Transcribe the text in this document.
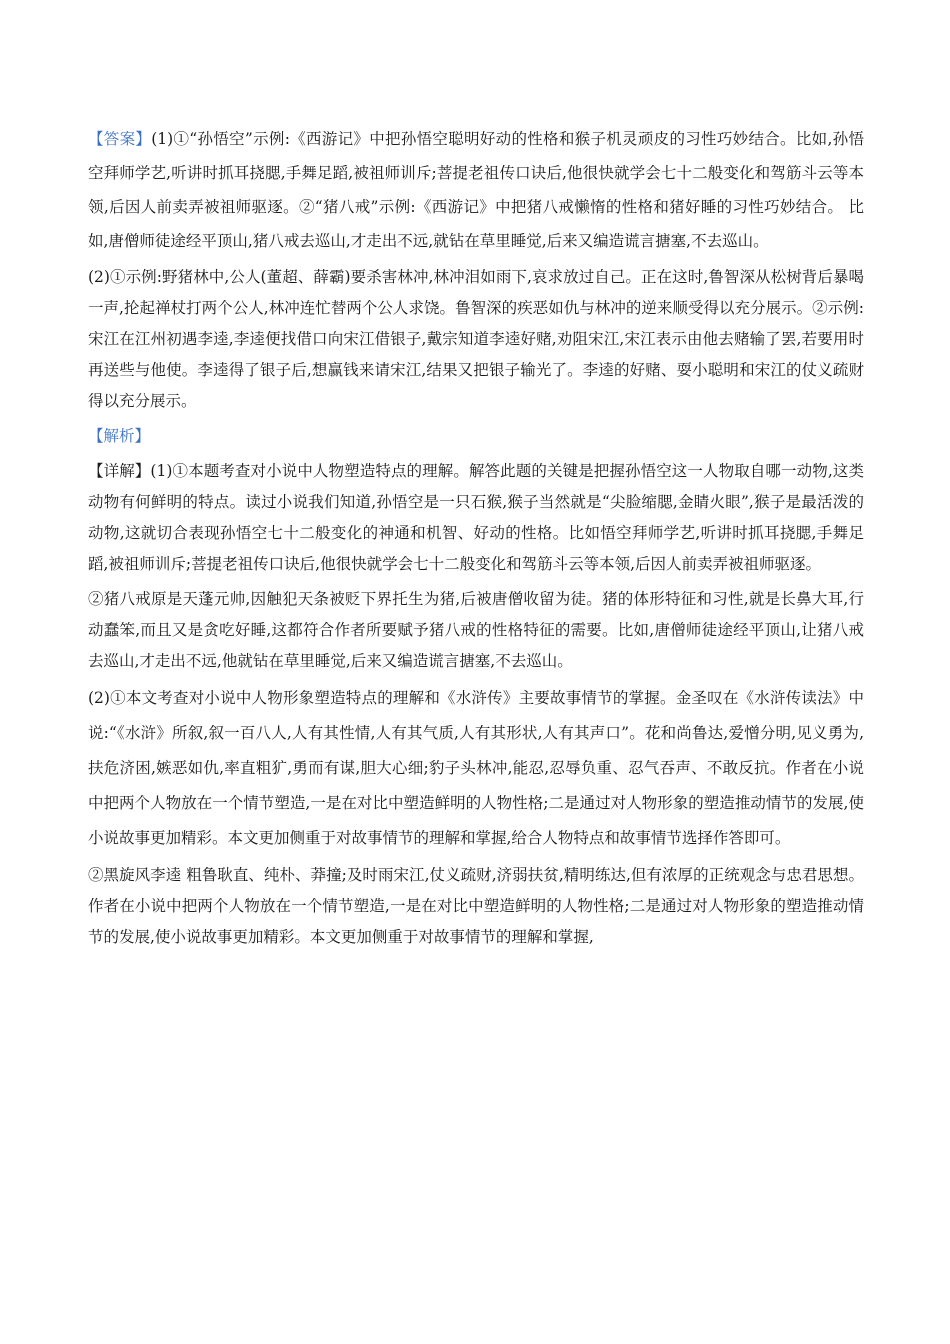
【答案】(1)①“孙悟空”示例:《西游记》中把孙悟空聪明好动的性格和猴子机灵顽皮的习性巧妙结合。比如,孙悟空拜师学艺,听讲时抓耳挠腮,手舞足蹈,被祖师训斥;菩提老祖传口诀后,他很快就学会七十二般变化和驾筋斗云等本领,后因人前卖弄被祖师驱逐。②“猪八戒”示例:《西游记》中把猪八戒懒惰的性格和猪好睡的习性巧妙结合。 比如,唐僧师徒途经平顶山,猪八戒去巡山,才走出不远,就钻在草里睡觉,后来又编造谎言搪塞,不去巡山。

(2)①示例:野猪林中,公人(董超、薛霸)要杀害林冲,林冲泪如雨下,哀求放过自己。正在这时,鲁智深从松树背后暴喝一声,抡起禅杖打两个公人,林冲连忙替两个公人求饶。鲁智深的疾恶如仇与林冲的逆来顺受得以充分展示。②示例:宋江在江州初遇李逵,李逵便找借口向宋江借银子,戴宗知道李逵好赌,劝阻宋江,宋江表示由他去赌输了罢,若要用时再送些与他使。李逵得了银子后,想赢钱来请宋江,结果又把银子输光了。李逵的好赌、耍小聪明和宋江的仗义疏财得以充分展示。

【解析】

【详解】(1)①本题考查对小说中人物塑造特点的理解。解答此题的关键是把握孙悟空这一人物取自哪一动物,这类动物有何鲜明的特点。读过小说我们知道,孙悟空是一只石猴,猴子当然就是“尖脸缩腮,金睛火眼”,猴子是最活泼的动物,这就切合表现孙悟空七十二般变化的神通和机智、好动的性格。比如悟空拜师学艺,听讲时抓耳挠腮,手舞足蹈,被祖师训斥;菩提老祖传口诀后,他很快就学会七十二般变化和驾筋斗云等本领,后因人前卖弄被祖师驱逐。

②猪八戒原是天蓬元帅,因触犯天条被贬下界托生为猪,后被唐僧收留为徒。猪的体形特征和习性,就是长鼻大耳,行动蠢笨,而且又是贪吃好睡,这都符合作者所要赋予猪八戒的性格特征的需要。比如,唐僧师徒途经平顶山,让猪八戒去巡山,才走出不远,他就钻在草里睡觉,后来又编造谎言搪塞,不去巡山。

(2)①本文考查对小说中人物形象塑造特点的理解和《水浒传》主要故事情节的掌握。金圣叹在《水浒传读法》中说:“《水浒》所叙,叙一百八人,人有其性情,人有其气质,人有其形状,人有其声口”。花和尚鲁达,爱憎分明,见义勇为,扶危济困,嫉恶如仇,率直粗犷,勇而有谋,胆大心细;豹子头林冲,能忍,忍辱负重、忍气吞声、不敢反抗。作者在小说中把两个人物放在一个情节塑造,一是在对比中塑造鲜明的人物性格;二是通过对人物形象的塑造推动情节的发展,使小说故事更加精彩。本文更加侧重于对故事情节的理解和掌握,给合人物特点和故事情节选择作答即可。

②黑旋风李逵 粗鲁耿直、纯朴、莽撞;及时雨宋江,仗义疏财,济弱扶贫,精明练达,但有浓厚的正统观念与忠君思想。作者在小说中把两个人物放在一个情节塑造,一是在对比中塑造鲜明的人物性格;二是通过对人物形象的塑造推动情节的发展,使小说故事更加精彩。本文更加侧重于对故事情节的理解和掌握,
